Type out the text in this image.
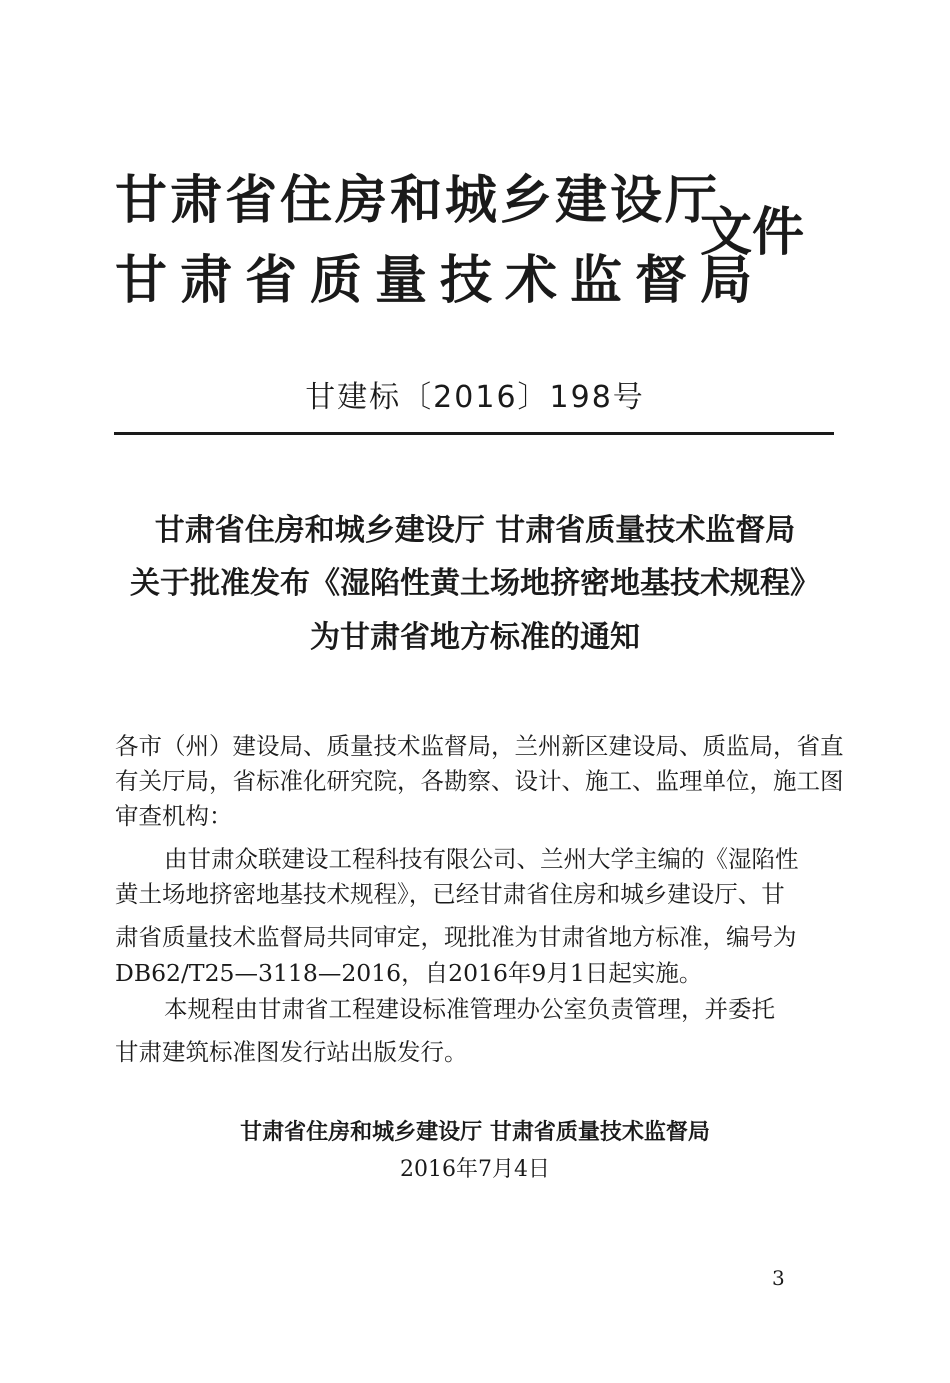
甘肃省住房和城乡建设厅
甘肃省质量技术监督局
文件
甘建标〔2016〕198号
甘肃省住房和城乡建设厅 甘肃省质量技术监督局
关于批准发布《湿陷性黄土场地挤密地基技术规程》
为甘肃省地方标准的通知
各市（州）建设局、质量技术监督局，兰州新区建设局、质监局，省直
有关厅局，省标准化研究院，各勘察、设计、施工、监理单位，施工图
审查机构：
由甘肃众联建设工程科技有限公司、兰州大学主编的《湿陷性
黄土场地挤密地基技术规程》，已经甘肃省住房和城乡建设厅、甘
肃省质量技术监督局共同审定，现批准为甘肃省地方标准，编号为
DB62/T25—3118—2016，自2016年9月1日起实施。
本规程由甘肃省工程建设标准管理办公室负责管理，并委托
甘肃建筑标准图发行站出版发行。
甘肃省住房和城乡建设厅 甘肃省质量技术监督局
2016年7月4日
3
